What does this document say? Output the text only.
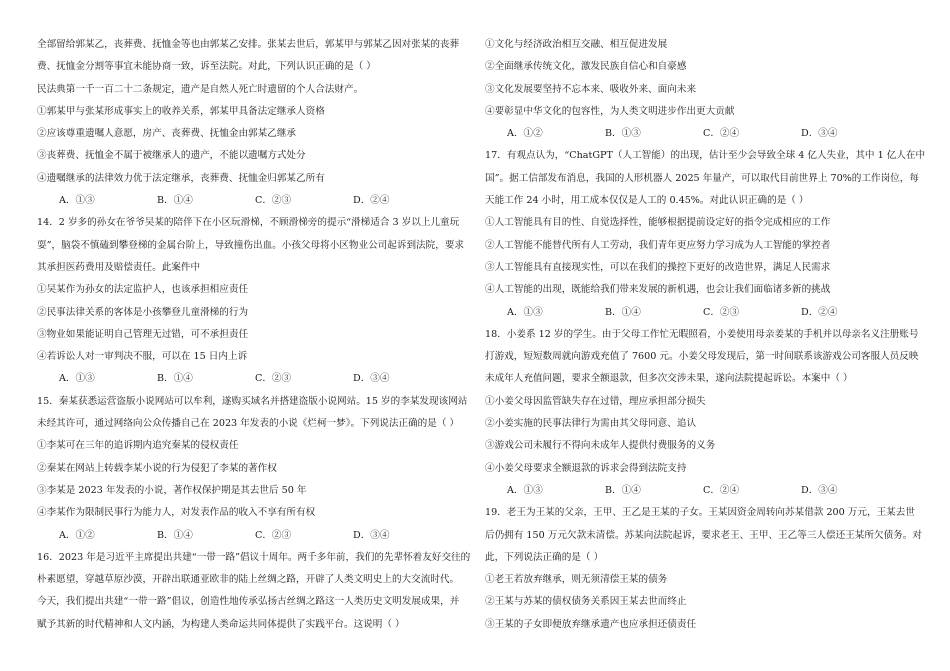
全部留给郭某乙，丧葬费、抚恤金等也由郭某乙安排。张某去世后，郭某甲与郭某乙因对张某的丧葬
费、抚恤金分割等事宜未能协商一致，诉至法院。对此，下列认识正确的是（ ）
民法典第一千一百二十二条规定，遗产是自然人死亡时遗留的个人合法财产。
①郭某甲与张某形成事实上的收养关系，郭某甲具备法定继承人资格
②应该尊重遗嘱人意愿，房产、丧葬费、抚恤金由郭某乙继承
③丧葬费、抚恤金不属于被继承人的遗产，不能以遗嘱方式处分
④遗嘱继承的法律效力优于法定继承，丧葬费、抚恤金归郭某乙所有
A．①③	B．①④	C．②③	D．②④
14．2 岁多的孙女在爷爷吴某的陪伴下在小区玩滑梯，不顾滑梯旁的提示“滑梯适合 3 岁以上儿童玩
耍”，脑袋不慎磕到攀登梯的金属台阶上，导致撞伤出血。小孩父母将小区物业公司起诉到法院，要求
其承担医药费用及赔偿责任。此案件中
①吴某作为孙女的法定监护人，也该承担相应责任
②民事法律关系的客体是小孩攀登儿童滑梯的行为
③物业如果能证明自己管理无过错，可不承担责任
④若诉讼人对一审判决不服，可以在 15 日内上诉
A．①③	B．①④	C．②③	D．③④
15．秦某获悉运营盗版小说网站可以牟利，遂购买域名并搭建盗版小说网站。15 岁的李某发现该网站
未经其许可，通过网络向公众传播自己在 2023 年发表的小说《烂柯一梦》。下列说法正确的是（ ）
①李某可在三年的追诉期内追究秦某的侵权责任
②秦某在网站上转载李某小说的行为侵犯了李某的著作权
③李某是 2023 年发表的小说，著作权保护期是其去世后 50 年
④李某作为限制民事行为能力人，对发表作品的收入不享有所有权
A．①②	B．①④	C．②③	D．③④
16．2023 年是习近平主席提出共建“一带一路”倡议十周年。两千多年前，我们的先辈怀着友好交往的
朴素愿望，穿越草原沙漠，开辟出联通亚欧非的陆上丝绸之路，开辟了人类文明史上的大交流时代。
今天，我们提出共建“一带一路”倡议，创造性地传承弘扬古丝绸之路这一人类历史文明发展成果，并
赋予其新的时代精神和人文内涵，为构建人类命运共同体提供了实践平台。这说明（ ）
①文化与经济政治相互交融、相互促进发展
②全面继承传统文化，激发民族自信心和自豪感
③文化发展要坚持不忘本来、吸收外来、面向未来
④要彰显中华文化的包容性，为人类文明进步作出更大贡献
A．①②	B．①③	C．②④	D．③④
17．有观点认为，“ChatGPT（人工智能）的出现，估计至少会导致全球 4 亿人失业，其中 1 亿人在中
国”。据工信部发布消息，我国的人形机器人 2025 年量产，可以取代目前世界上 70%的工作岗位，每
天能工作 24 小时，用工成本仅仅是人工的 0.45%。对此认识正确的是（ ）
①人工智能具有目的性、自觉选择性，能够根据提前设定好的指令完成相应的工作
②人工智能不能替代所有人工劳动，我们青年更应努力学习成为人工智能的掌控者
③人工智能具有直接现实性，可以在我们的操控下更好的改造世界，满足人民需求
④人工智能的出现，既能给我们带来发展的新机遇，也会让我们面临诸多新的挑战
A．①③	B．①④	C．②③	D．②④
18．小姜系 12 岁的学生。由于父母工作忙无暇照看，小姜使用母亲姜某的手机并以母亲名义注册账号
打游戏，短短数周就向游戏充值了 7600 元。小姜父母发现后，第一时间联系该游戏公司客服人员反映
未成年人充值问题，要求全额退款，但多次交涉未果，遂向法院提起诉讼。本案中（ ）
①小姜父母因监管缺失存在过错，理应承担部分损失
②小姜实施的民事法律行为需由其父母同意、追认
③游戏公司未履行不得向未成年人提供付费服务的义务
④小姜父母要求全额退款的诉求会得到法院支持
A．①③	B．①④	C．②④	D．③④
19．老王为王某的父亲，王甲、王乙是王某的子女。王某因资金周转向苏某借款 200 万元，王某去世
后仍拥有 150 万元欠款未清偿。苏某向法院起诉，要求老王、王甲、王乙等三人偿还王某所欠债务。对
此，下列说法正确的是（ ）
①老王若放弃继承，则无须清偿王某的债务
②王某与苏某的债权债务关系因王某去世而终止
③王某的子女即便放弃继承遗产也应承担还债责任
